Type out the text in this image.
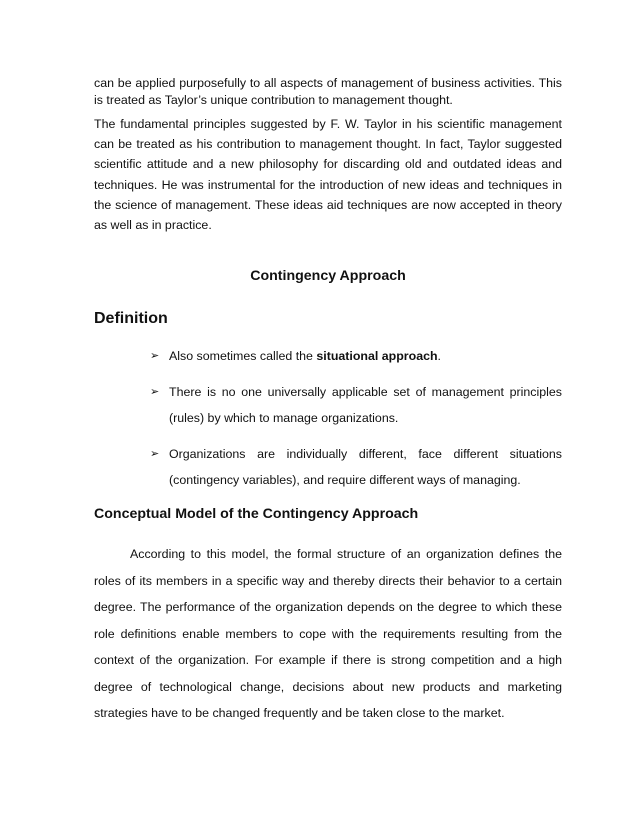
can be applied purposefully to all aspects of management of business activities. This is treated as Taylor’s unique contribution to management thought.

The fundamental principles suggested by F. W. Taylor in his scientific management can be treated as his contribution to management thought. In fact, Taylor suggested scientific attitude and a new philosophy for discarding old and outdated ideas and techniques. He was instrumental for the introduction of new ideas and techniques in the science of management. These ideas aid techniques are now accepted in theory as well as in practice.

Contingency Approach
Definition
➢ Also sometimes called the situational approach.
➢ There is no one universally applicable set of management principles (rules) by which to manage organizations.
➢ Organizations are individually different, face different situations (contingency variables), and require different ways of managing.
Conceptual Model of the Contingency Approach

According to this model, the formal structure of an organization defines the roles of its members in a specific way and thereby directs their behavior to a certain degree. The performance of the organization depends on the degree to which these role definitions enable members to cope with the requirements resulting from the context of the organization. For example if there is strong competition and a high degree of technological change, decisions about new products and marketing strategies have to be changed frequently and be taken close to the market.
